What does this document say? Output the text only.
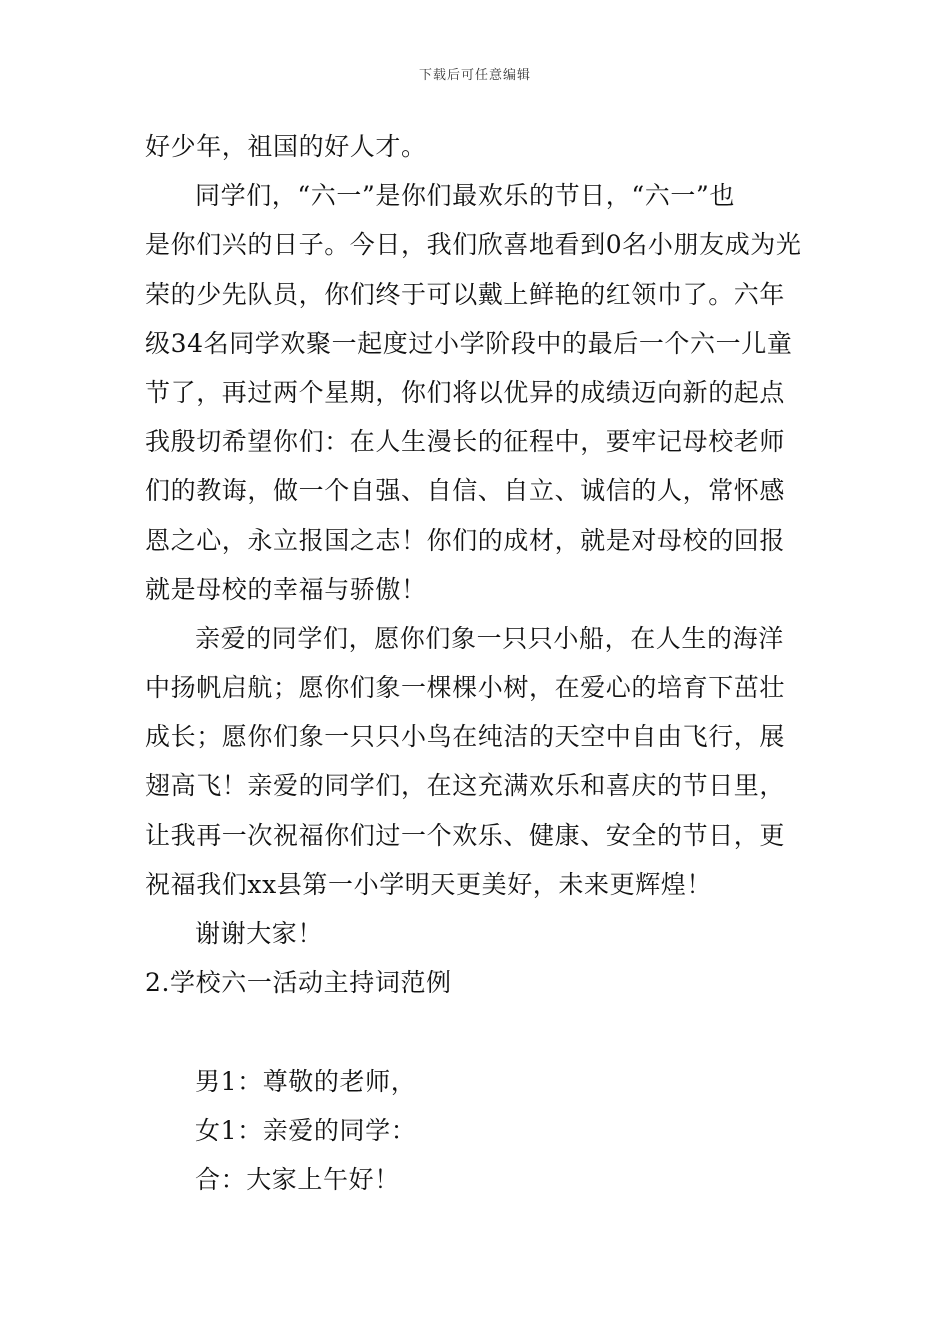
下载后可任意编辑
好少年，祖国的好人才。
同学们，“六一”是你们最欢乐的节日，“六一”也
是你们兴的日子。今日，我们欣喜地看到0名小朋友成为光
荣的少先队员，你们终于可以戴上鲜艳的红领巾了。六年
级34名同学欢聚一起度过小学阶段中的最后一个六一儿童
节了，再过两个星期，你们将以优异的成绩迈向新的起点
我殷切希望你们：在人生漫长的征程中，要牢记母校老师
们的教诲，做一个自强、自信、自立、诚信的人，常怀感
恩之心，永立报国之志！你们的成材，就是对母校的回报
就是母校的幸福与骄傲！
亲爱的同学们，愿你们象一只只小船，在人生的海洋
中扬帆启航；愿你们象一棵棵小树，在爱心的培育下茁壮
成长；愿你们象一只只小鸟在纯洁的天空中自由飞行，展
翅高飞！亲爱的同学们，在这充满欢乐和喜庆的节日里，
让我再一次祝福你们过一个欢乐、健康、安全的节日，更
祝福我们xx县第一小学明天更美好，未来更辉煌！
谢谢大家！
2.学校六一活动主持词范例
男1：尊敬的老师，
女1：亲爱的同学：
合：大家上午好！
